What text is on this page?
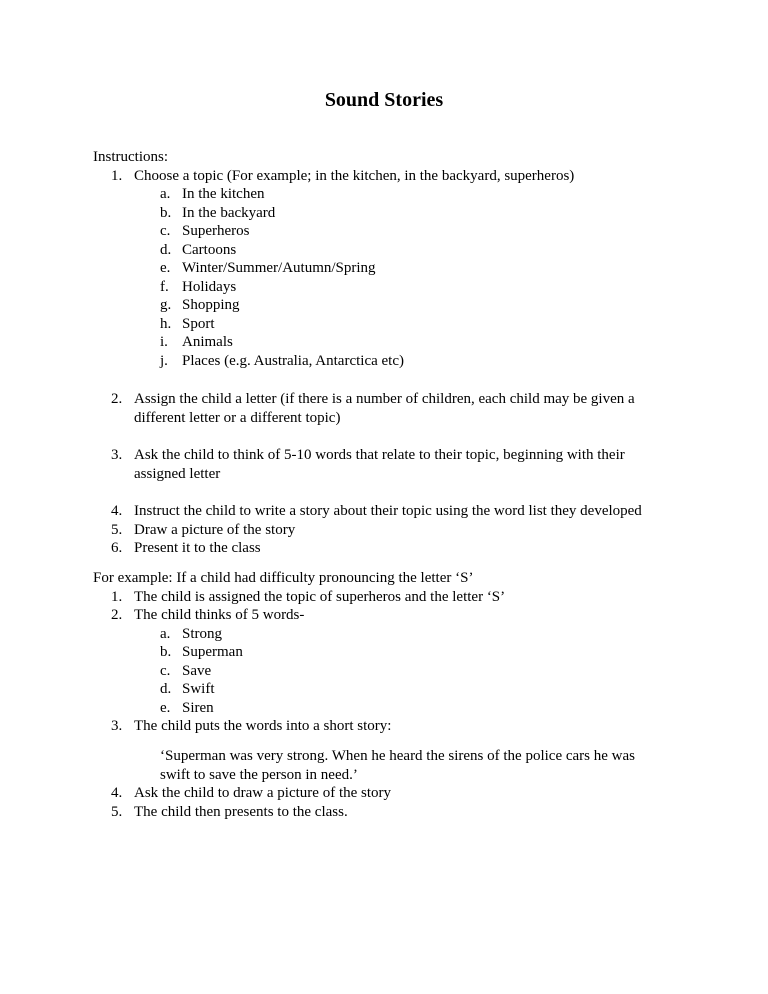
Sound Stories
Instructions:
1. Choose a topic (For example; in the kitchen, in the backyard, superheros)
a. In the kitchen
b. In the backyard
c. Superheros
d. Cartoons
e. Winter/Summer/Autumn/Spring
f. Holidays
g. Shopping
h. Sport
i. Animals
j. Places (e.g. Australia, Antarctica etc)
2. Assign the child a letter (if there is a number of children, each child may be given a
different letter or a different topic)
3. Ask the child to think of 5-10 words that relate to their topic, beginning with their
assigned letter
4. Instruct the child to write a story about their topic using the word list they developed
5. Draw a picture of the story
6. Present it to the class
For example: If a child had difficulty pronouncing the letter ‘S’
1. The child is assigned the topic of superheros and the letter ‘S’
2. The child thinks of 5 words-
a. Strong
b. Superman
c. Save
d. Swift
e. Siren
3. The child puts the words into a short story:
‘Superman was very strong. When he heard the sirens of the police cars he was
swift to save the person in need.’
4. Ask the child to draw a picture of the story
5. The child then presents to the class.
